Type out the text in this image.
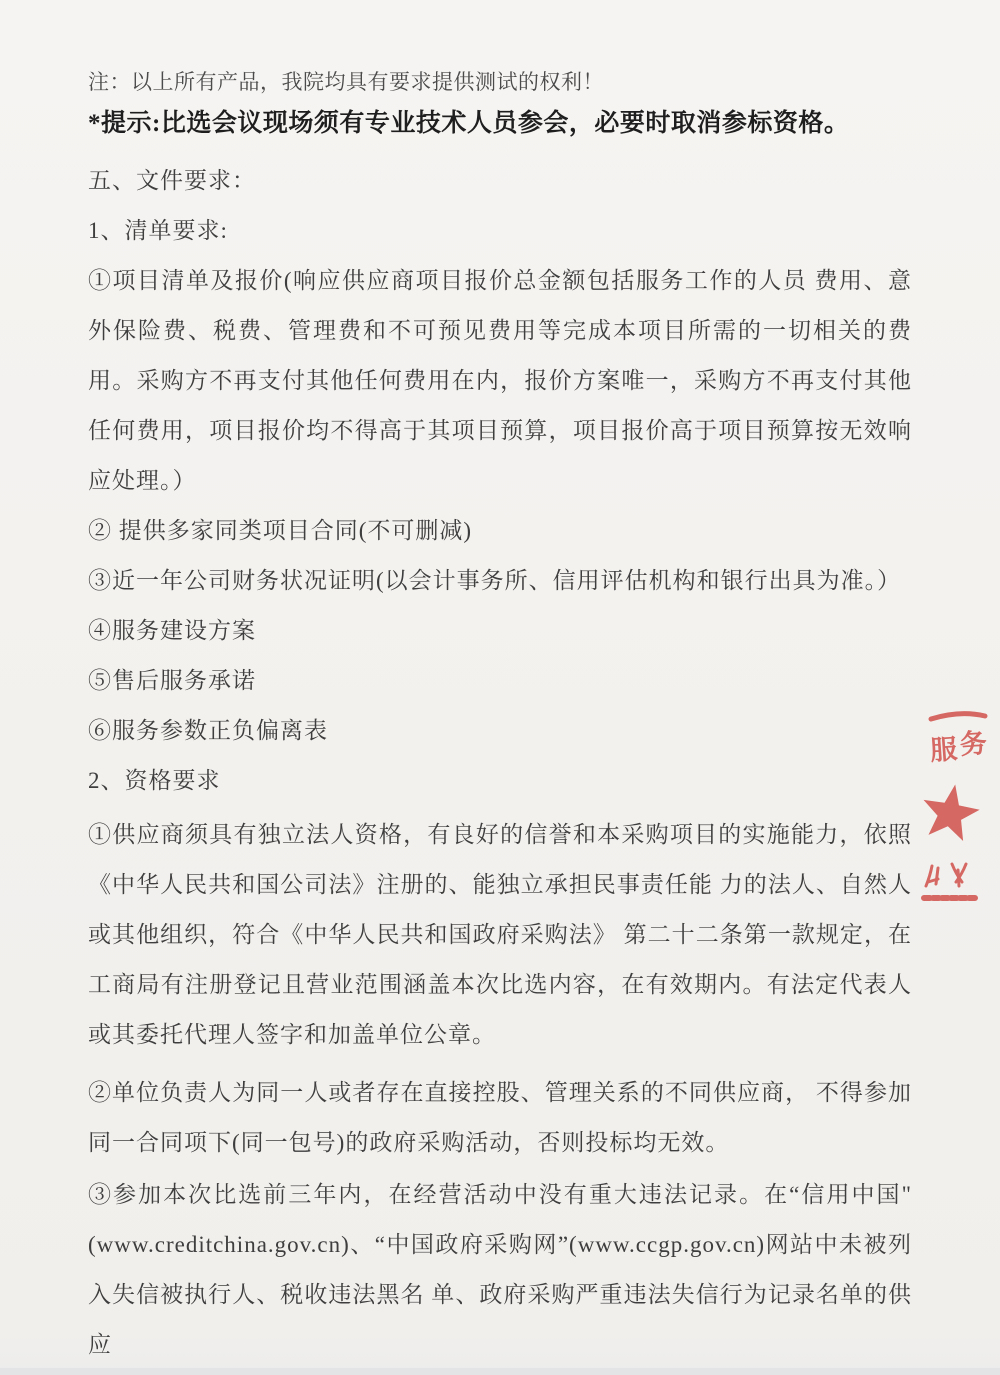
注：以上所有产品，我院均具有要求提供测试的权利！

*提示:比选会议现场须有专业技术人员参会，必要时取消参标资格。

五、文件要求：

1、清单要求:

①项目清单及报价(响应供应商项目报价总金额包括服务工作的人员 费用、意外保险费、税费、管理费和不可预见费用等完成本项目所需的一切相关的费用。采购方不再支付其他任何费用在内，报价方案唯一，采购方不再支付其他任何费用，项目报价均不得高于其项目预算，项目报价高于项目预算按无效响应处理。）

② 提供多家同类项目合同(不可删减)

③近一年公司财务状况证明(以会计事务所、信用评估机构和银行出具为准。）

④服务建设方案

⑤售后服务承诺

⑥服务参数正负偏离表

2、资格要求

①供应商须具有独立法人资格，有良好的信誉和本采购项目的实施能力，依照《中华人民共和国公司法》注册的、能独立承担民事责任能 力的法人、自然人或其他组织，符合《中华人民共和国政府采购法》 第二十二条第一款规定，在工商局有注册登记且营业范围涵盖本次比选内容，在有效期内。有法定代表人或其委托代理人签字和加盖单位公章。

②单位负责人为同一人或者存在直接控股、管理关系的不同供应商， 不得参加同一合同项下(同一包号)的政府采购活动，否则投标均无效。

③参加本次比选前三年内，在经营活动中没有重大违法记录。在“信用中国"(www.creditchina.gov.cn)、“中国政府采购网”(www.ccgp.gov.cn)网站中未被列入失信被执行人、税收违法黑名 单、政府采购严重违法失信行为记录名单的供应

服 务
